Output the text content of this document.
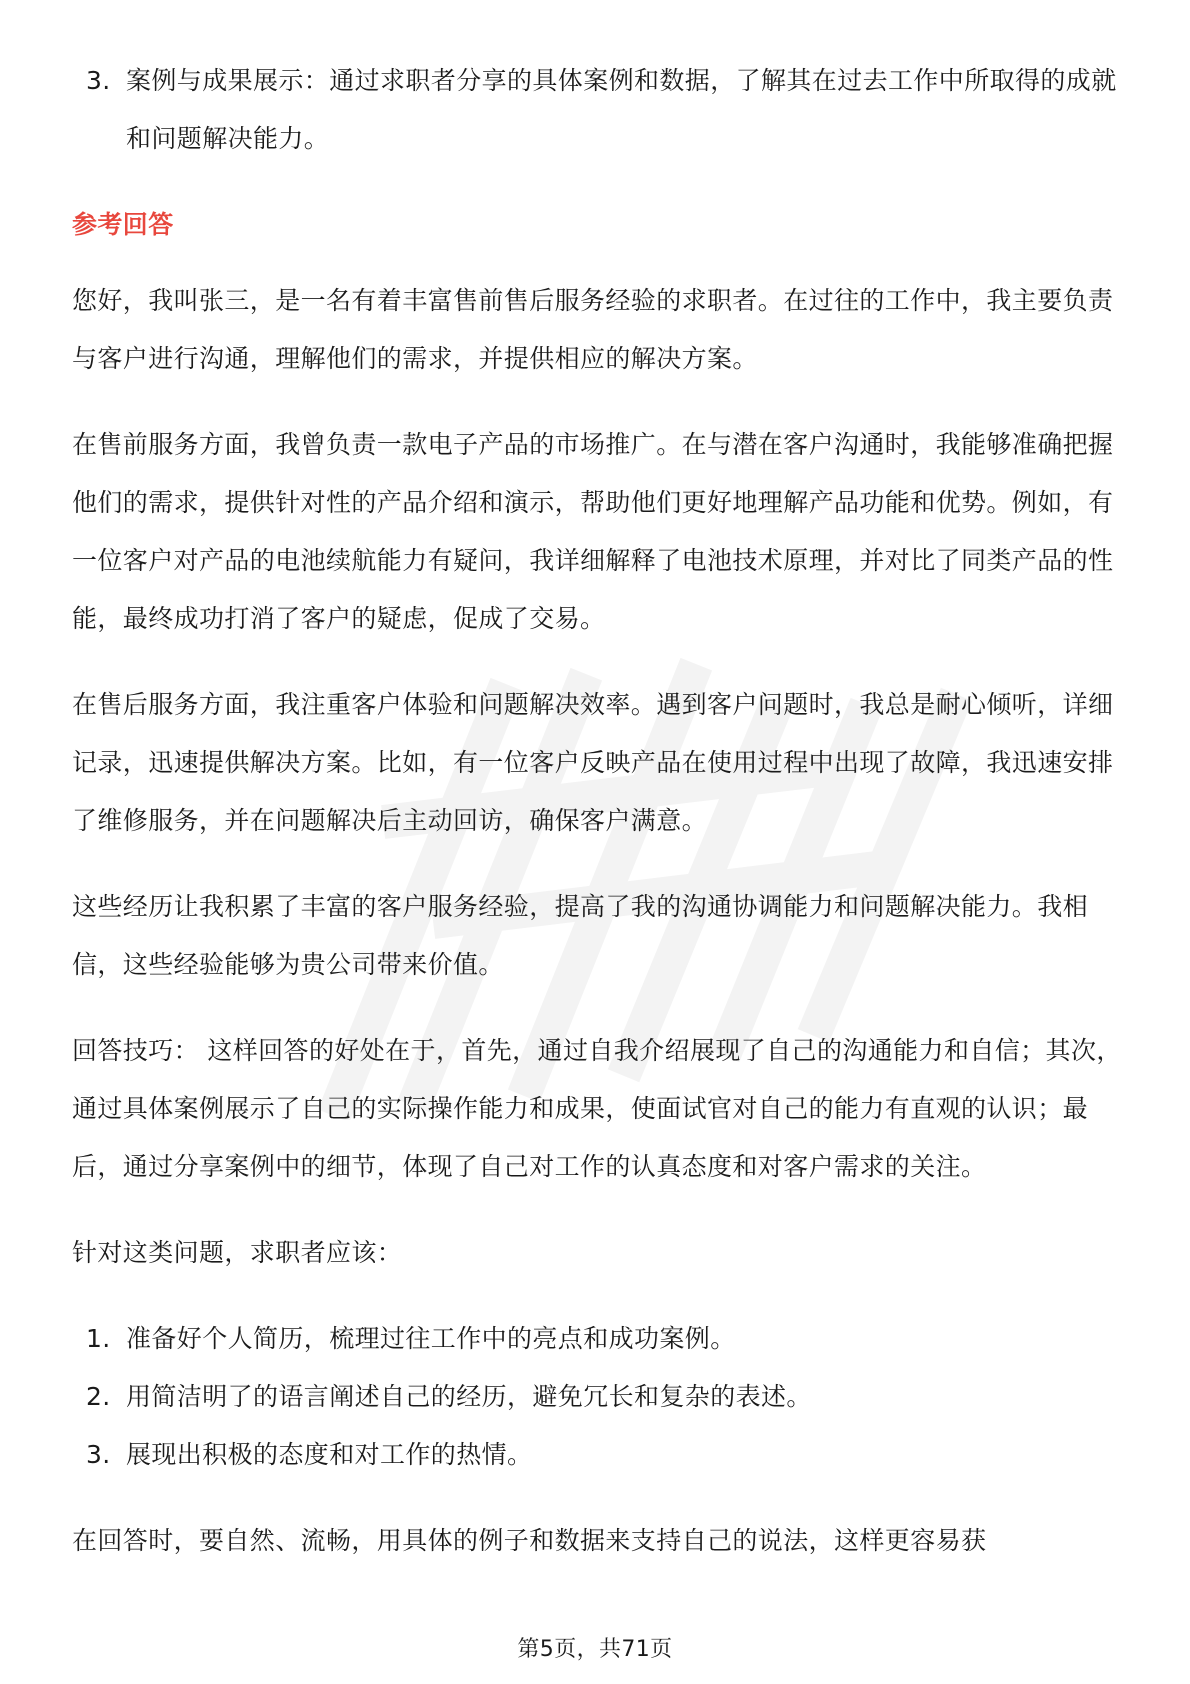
3. 案例与成果展示：通过求职者分享的具体案例和数据，了解其在过去工作中所取得的成就和问题解决能力。
参考回答

您好，我叫张三，是一名有着丰富售前售后服务经验的求职者。在过往的工作中，我主要负责与客户进行沟通，理解他们的需求，并提供相应的解决方案。

在售前服务方面，我曾负责一款电子产品的市场推广。在与潜在客户沟通时，我能够准确把握他们的需求，提供针对性的产品介绍和演示，帮助他们更好地理解产品功能和优势。例如，有一位客户对产品的电池续航能力有疑问，我详细解释了电池技术原理，并对比了同类产品的性能，最终成功打消了客户的疑虑，促成了交易。

在售后服务方面，我注重客户体验和问题解决效率。遇到客户问题时，我总是耐心倾听，详细记录，迅速提供解决方案。比如，有一位客户反映产品在使用过程中出现了故障，我迅速安排了维修服务，并在问题解决后主动回访，确保客户满意。

这些经历让我积累了丰富的客户服务经验，提高了我的沟通协调能力和问题解决能力。我相信，这些经验能够为贵公司带来价值。

回答技巧： 这样回答的好处在于，首先，通过自我介绍展现了自己的沟通能力和自信；其次，通过具体案例展示了自己的实际操作能力和成果，使面试官对自己的能力有直观的认识；最后，通过分享案例中的细节，体现了自己对工作的认真态度和对客户需求的关注。

针对这类问题，求职者应该：

1. 准备好个人简历，梳理过往工作中的亮点和成功案例。
2. 用简洁明了的语言阐述自己的经历，避免冗长和复杂的表述。
3. 展现出积极的态度和对工作的热情。

在回答时，要自然、流畅，用具体的例子和数据来支持自己的说法，这样更容易获

第5页，共71页
